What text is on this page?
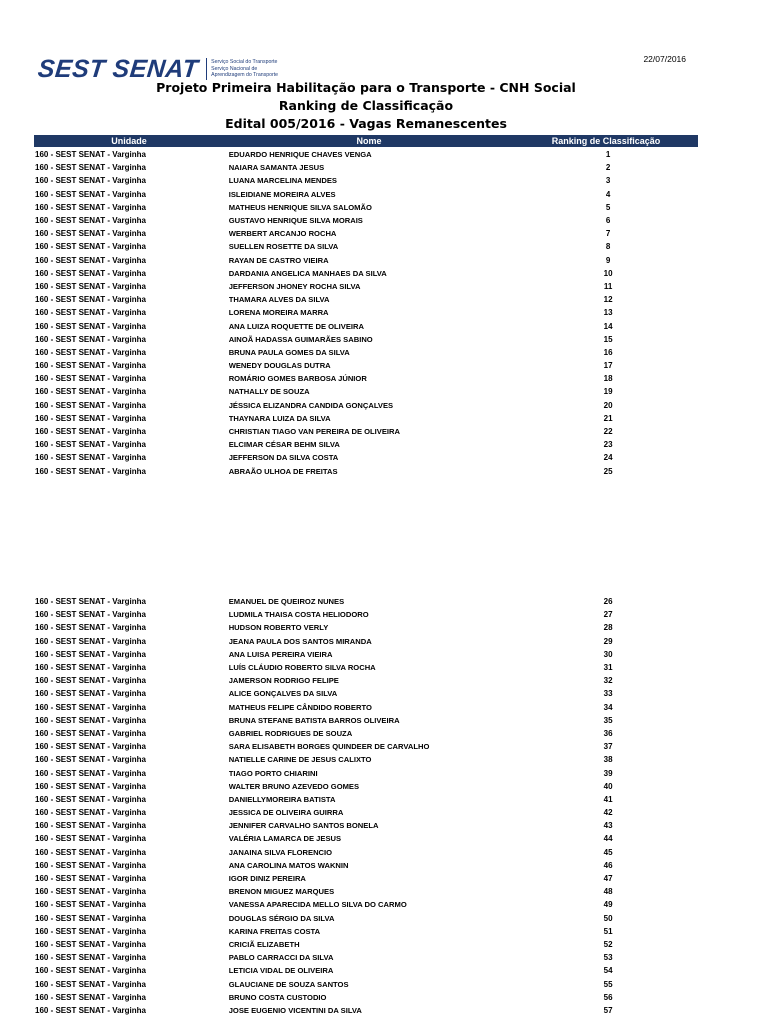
SEST SENAT Serviço Social do Transporte
Serviço Nacional de
Aprendizagem do Transporte
22/07/2016
Projeto Primeira Habilitação para o Transporte - CNH Social
Ranking de Classificação
Edital 005/2016 - Vagas Remanescentes
Unidade	Nome	Ranking de Classificação
160 - SEST SENAT - Varginha	EDUARDO HENRIQUE CHAVES VENGA	1
160 - SEST SENAT - Varginha	NAIARA SAMANTA JESUS	2
160 - SEST SENAT - Varginha	LUANA MARCELINA MENDES	3
160 - SEST SENAT - Varginha	ISLEIDIANE MOREIRA ALVES	4
160 - SEST SENAT - Varginha	MATHEUS HENRIQUE SILVA SALOMÃO	5
160 - SEST SENAT - Varginha	GUSTAVO HENRIQUE SILVA MORAIS	6
160 - SEST SENAT - Varginha	WERBERT ARCANJO ROCHA	7
160 - SEST SENAT - Varginha	SUELLEN ROSETTE DA SILVA	8
160 - SEST SENAT - Varginha	RAYAN DE CASTRO VIEIRA	9
160 - SEST SENAT - Varginha	DARDANIA ANGELICA MANHAES DA SILVA	10
160 - SEST SENAT - Varginha	JEFFERSON JHONEY ROCHA SILVA	11
160 - SEST SENAT - Varginha	THAMARA ALVES DA SILVA	12
160 - SEST SENAT - Varginha	LORENA MOREIRA MARRA	13
160 - SEST SENAT - Varginha	ANA LUIZA ROQUETTE DE OLIVEIRA	14
160 - SEST SENAT - Varginha	AINOÃ HADASSA GUIMARÃES SABINO	15
160 - SEST SENAT - Varginha	BRUNA PAULA GOMES DA SILVA	16
160 - SEST SENAT - Varginha	WENEDY DOUGLAS DUTRA	17
160 - SEST SENAT - Varginha	ROMÁRIO GOMES BARBOSA JÚNIOR	18
160 - SEST SENAT - Varginha	NATHALLY DE SOUZA	19
160 - SEST SENAT - Varginha	JÉSSICA ELIZANDRA CANDIDA GONÇALVES	20
160 - SEST SENAT - Varginha	THAYNARA LUIZA DA SILVA	21
160 - SEST SENAT - Varginha	CHRISTIAN TIAGO VAN PEREIRA DE OLIVEIRA	22
160 - SEST SENAT - Varginha	ELCIMAR CÉSAR BEHM SILVA	23
160 - SEST SENAT - Varginha	JEFFERSON DA SILVA COSTA	24
160 - SEST SENAT - Varginha	ABRAÃO ULHOA DE FREITAS	25
160 - SEST SENAT - Varginha	EMANUEL DE QUEIROZ NUNES	26
160 - SEST SENAT - Varginha	LUDMILA THAISA COSTA HELIODORO	27
160 - SEST SENAT - Varginha	HUDSON ROBERTO VERLY	28
160 - SEST SENAT - Varginha	JEANA PAULA DOS SANTOS MIRANDA	29
160 - SEST SENAT - Varginha	ANA LUISA PEREIRA VIEIRA	30
160 - SEST SENAT - Varginha	LUÍS CLÁUDIO ROBERTO SILVA ROCHA	31
160 - SEST SENAT - Varginha	JAMERSON RODRIGO FELIPE	32
160 - SEST SENAT - Varginha	ALICE GONÇALVES DA SILVA	33
160 - SEST SENAT - Varginha	MATHEUS FELIPE CÂNDIDO ROBERTO	34
160 - SEST SENAT - Varginha	BRUNA STEFANE BATISTA BARROS OLIVEIRA	35
160 - SEST SENAT - Varginha	GABRIEL RODRIGUES DE SOUZA	36
160 - SEST SENAT - Varginha	SARA ELISABETH BORGES QUINDEER DE CARVALHO	37
160 - SEST SENAT - Varginha	NATIELLE CARINE DE JESUS CALIXTO	38
160 - SEST SENAT - Varginha	TIAGO PORTO CHIARINI	39
160 - SEST SENAT - Varginha	WALTER BRUNO AZEVEDO GOMES	40
160 - SEST SENAT - Varginha	DANIELLYMOREIRA BATISTA	41
160 - SEST SENAT - Varginha	JESSICA DE OLIVEIRA GUIRRA	42
160 - SEST SENAT - Varginha	JENNIFER CARVALHO SANTOS BONELA	43
160 - SEST SENAT - Varginha	VALÉRIA LAMARCA DE JESUS	44
160 - SEST SENAT - Varginha	JANAINA SILVA FLORENCIO	45
160 - SEST SENAT - Varginha	ANA CAROLINA MATOS WAKNIN	46
160 - SEST SENAT - Varginha	IGOR DINIZ PEREIRA	47
160 - SEST SENAT - Varginha	BRENON MIGUEZ MARQUES	48
160 - SEST SENAT - Varginha	VANESSA APARECIDA MELLO SILVA DO CARMO	49
160 - SEST SENAT - Varginha	DOUGLAS SÉRGIO DA SILVA	50
160 - SEST SENAT - Varginha	KARINA FREITAS COSTA	51
160 - SEST SENAT - Varginha	CRICIÃ ELIZABETH	52
160 - SEST SENAT - Varginha	PABLO CARRACCI DA SILVA	53
160 - SEST SENAT - Varginha	LETICIA VIDAL DE OLIVEIRA	54
160 - SEST SENAT - Varginha	GLAUCIANE DE SOUZA SANTOS	55
160 - SEST SENAT - Varginha	BRUNO COSTA CUSTODIO	56
160 - SEST SENAT - Varginha	JOSE EUGENIO VICENTINI DA SILVA	57
